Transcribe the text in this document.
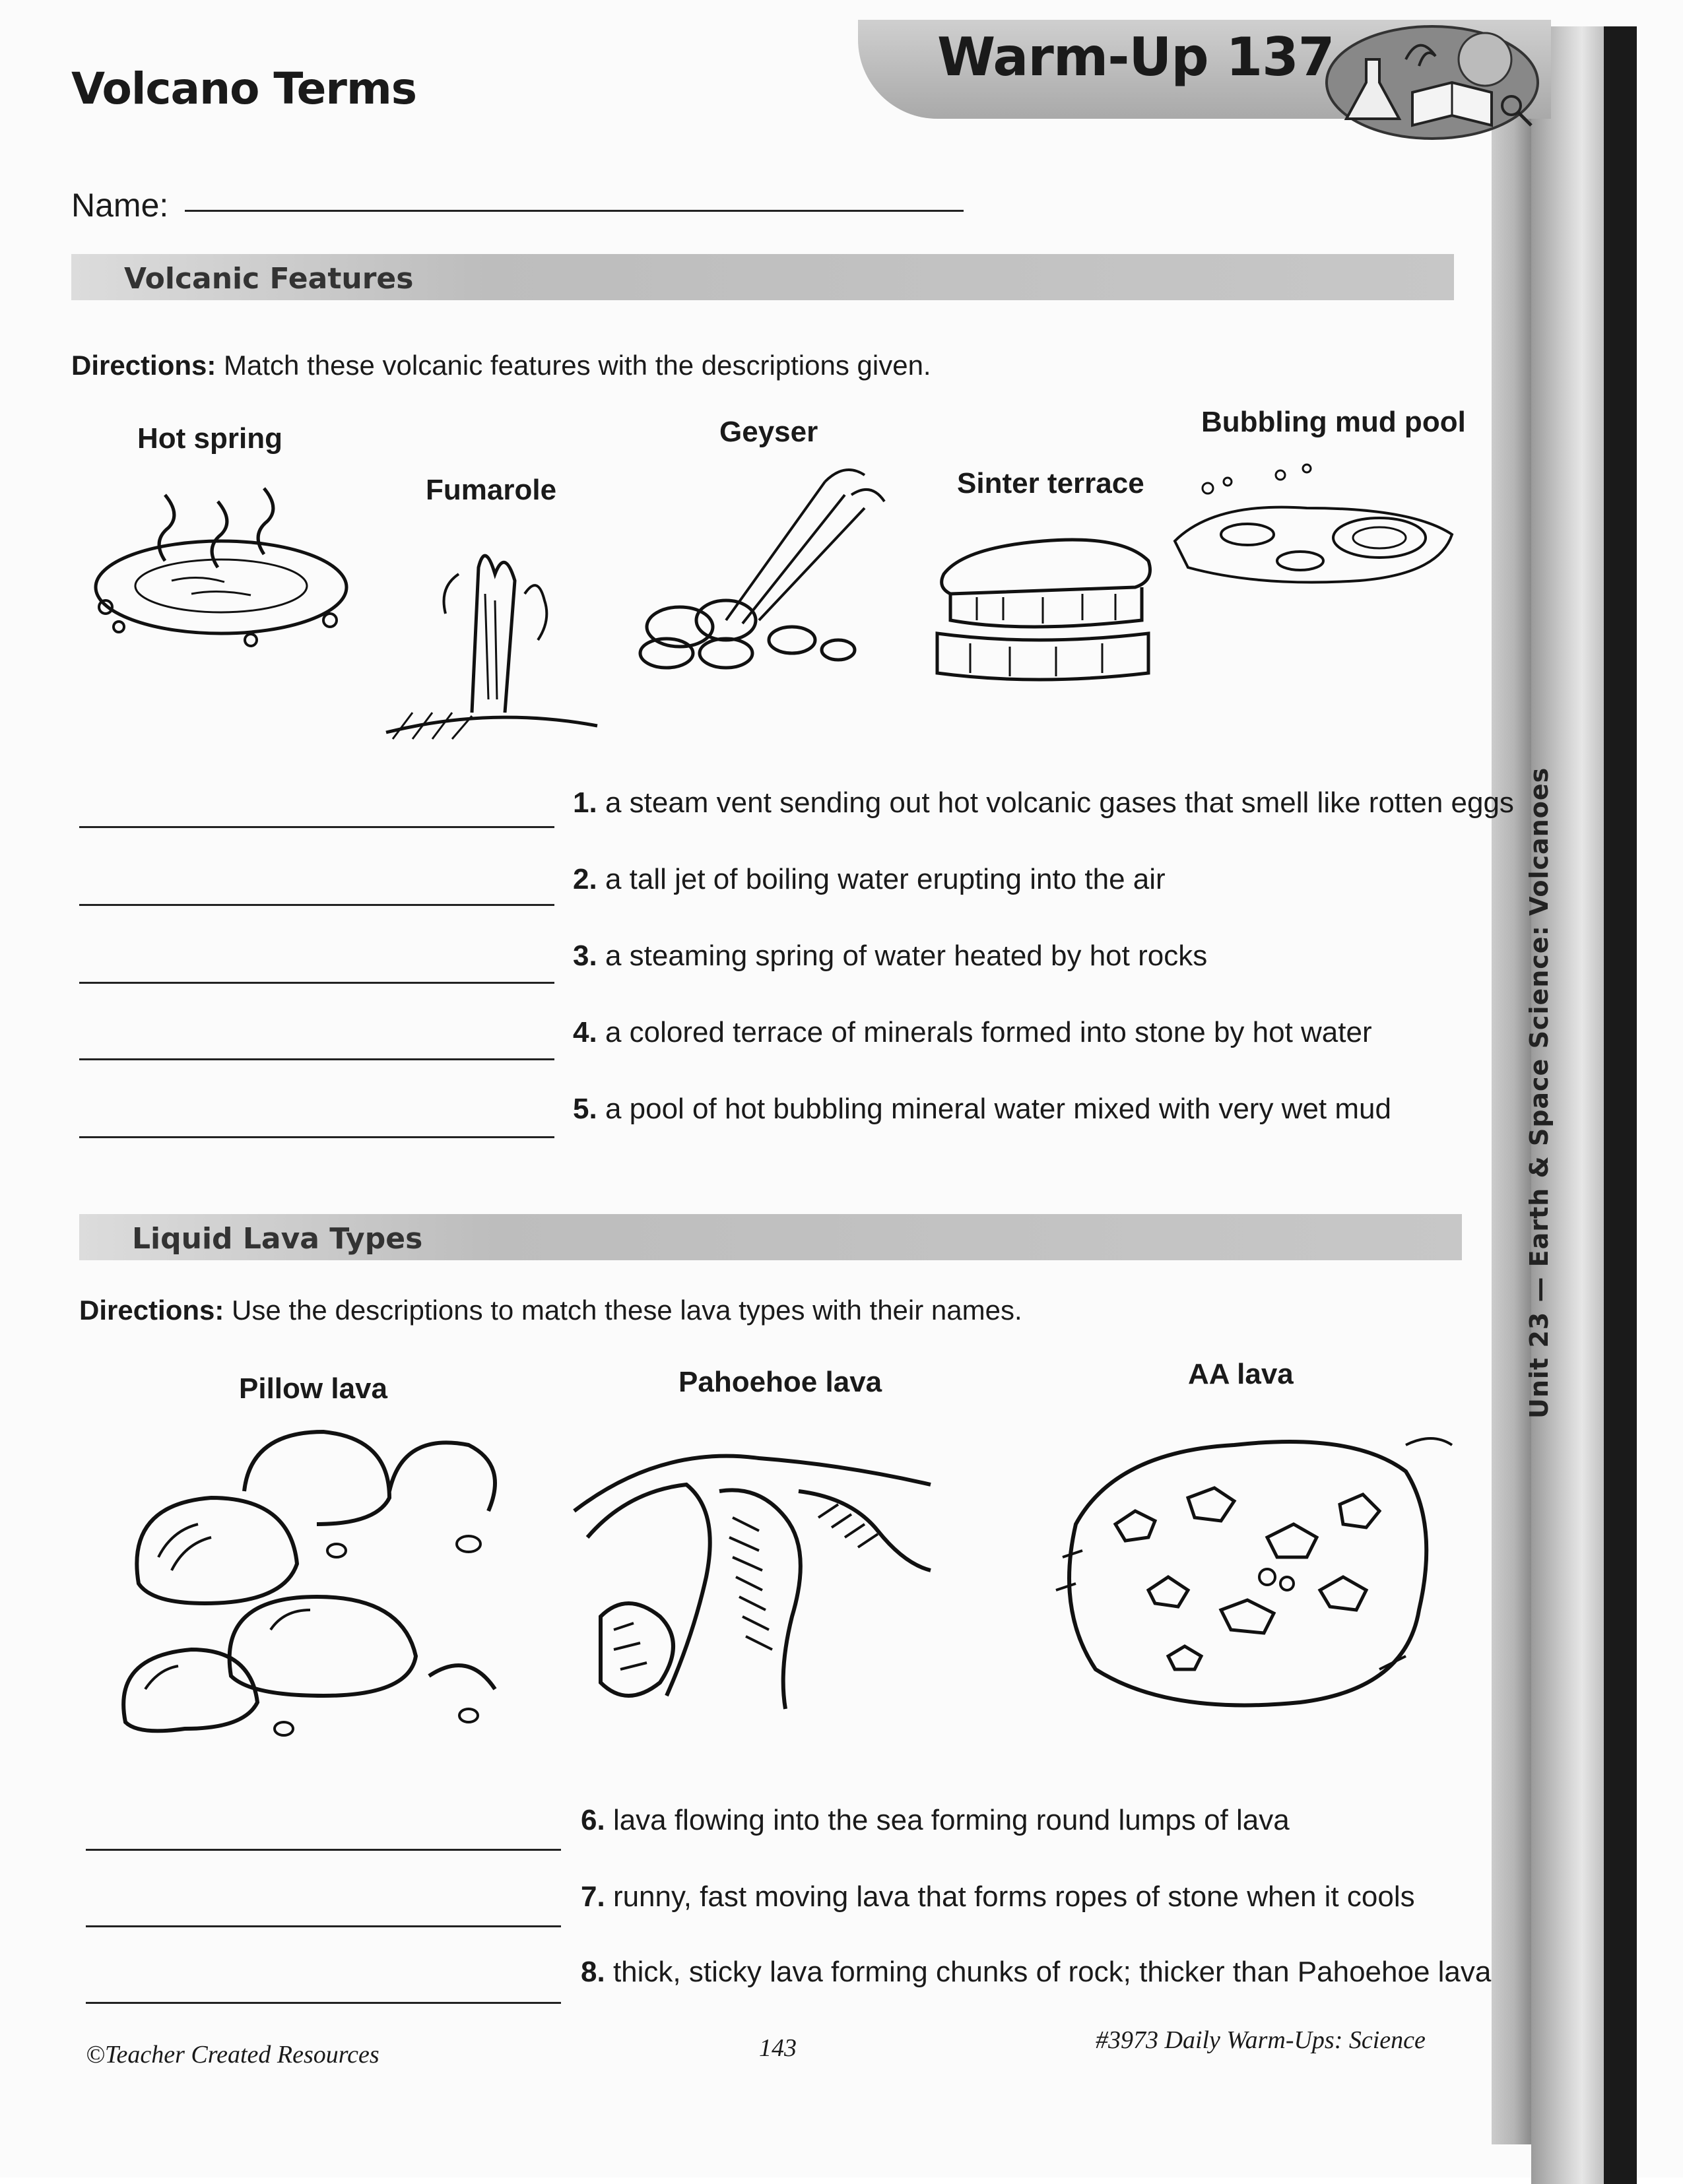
Volcano Terms
Warm-Up 137
Name:
Volcanic Features
Directions: Match these volcanic features with the descriptions given.
Hot spring
Fumarole
Geyser
Sinter terrace
Bubbling mud pool
1. a steam vent sending out hot volcanic gases that smell like rotten eggs
2. a tall jet of boiling water erupting into the air
3. a steaming spring of water heated by hot rocks
4. a colored terrace of minerals formed into stone by hot water
5. a pool of hot bubbling mineral water mixed with very wet mud
Liquid Lava Types
Directions: Use the descriptions to match these lava types with their names.
Pillow lava	Pahoehoe lava	AA lava
6. lava flowing into the sea forming round lumps of lava
7. runny, fast moving lava that forms ropes of stone when it cools
8. thick, sticky lava forming chunks of rock; thicker than Pahoehoe lava
©Teacher Created Resources	143	#3973 Daily Warm-Ups: Science
Unit 23 — Earth & Space Science: Volcanoes
